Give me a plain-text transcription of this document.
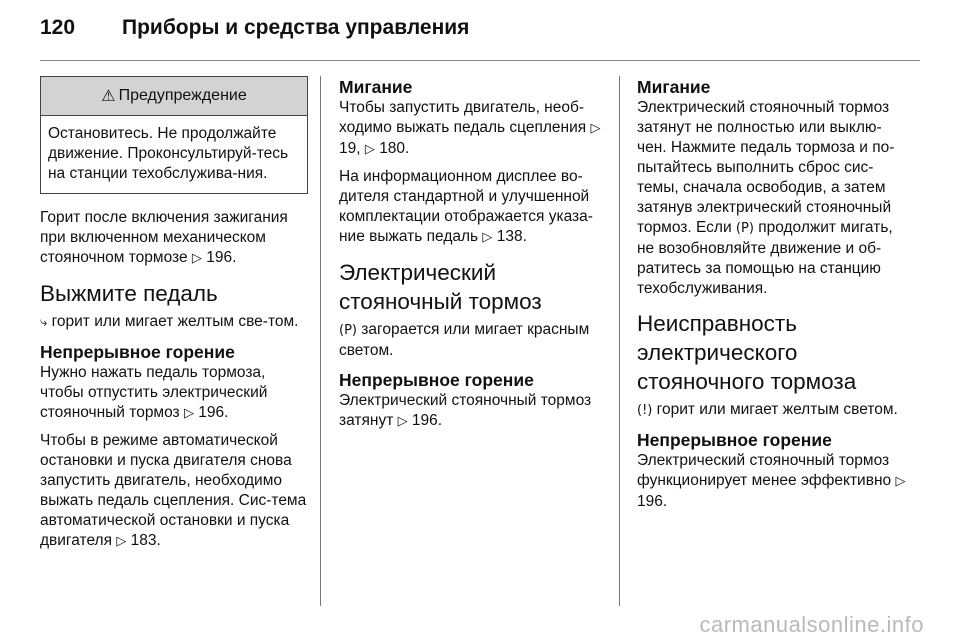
120 Приборы и средства управления
⚠ Предупреждение
Остановитесь. Не продолжайте движение. Проконсультируй-тесь на станции техобслужива-ния.

Горит после включения зажигания при включенном механическом стояночном тормозе ▷ 196.

Выжмите педаль

⤷ горит или мигает желтым све-том.

Непрерывное горение

Нужно нажать педаль тормоза, чтобы отпустить электрический стояночный тормоз ▷ 196.

Чтобы в режиме автоматической остановки и пуска двигателя снова запустить двигатель, необходимо выжать педаль сцепления. Сис-тема автоматической остановки и пуска двигателя ▷ 183.

Мигание

Чтобы запустить двигатель, необ-ходимо выжать педаль сцепления ▷ 19, ▷ 180.

На информационном дисплее во-дителя стандартной и улучшенной комплектации отображается указа-ние выжать педаль ▷ 138.

Электрический стояночный тормоз

(P) загорается или мигает красным светом.

Непрерывное горение

Электрический стояночный тормоз затянут ▷ 196.

Мигание

Электрический стояночный тормоз затянут не полностью или выклю-чен. Нажмите педаль тормоза и по-пытайтесь выполнить сброс сис-темы, сначала освободив, а затем затянув электрический стояночный тормоз. Если (P) продолжит мигать, не возобновляйте движение и об-ратитесь за помощью на станцию техобслуживания.

Неисправность электрического стояночного тормоза

(!) горит или мигает желтым светом.

Непрерывное горение

Электрический стояночный тормоз функционирует менее эффективно ▷ 196.

carmanualsonline.info
